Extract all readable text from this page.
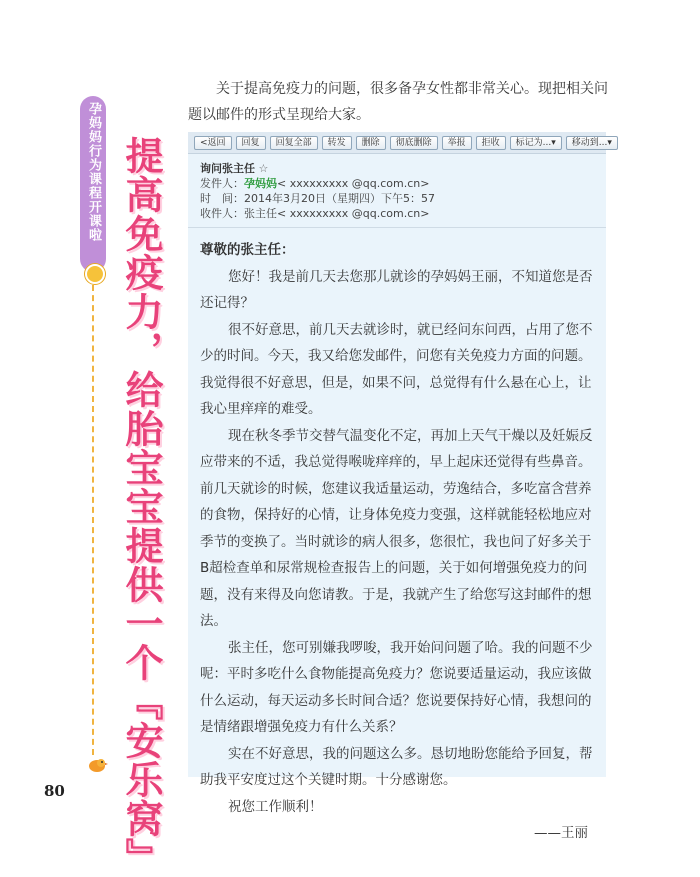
孕妈妈行为课程开课啦 提高免疫力，给胎宝宝提供一个『安乐窝』
80
关于提高免疫力的问题，很多备孕女性都非常关心。现把相关问题以邮件的形式呈现给大家。
<返回	回复	回复全部	转发	删除	彻底删除	举报	拒收	标记为...▾	移动到...▾
询问张主任 ☆
发件人：孕妈妈< xxxxxxxxx @qq.com.cn>
时　间：2014年3月20日（星期四）下午5：57
收件人：张主任< xxxxxxxxx @qq.com.cn>
尊敬的张主任：

您好！我是前几天去您那儿就诊的孕妈妈王丽，不知道您是否还记得？

很不好意思，前几天去就诊时，就已经问东问西，占用了您不少的时间。今天，我又给您发邮件，问您有关免疫力方面的问题。我觉得很不好意思，但是，如果不问，总觉得有什么悬在心上，让我心里痒痒的难受。

现在秋冬季节交替气温变化不定，再加上天气干燥以及妊娠反应带来的不适，我总觉得喉咙痒痒的，早上起床还觉得有些鼻音。前几天就诊的时候，您建议我适量运动，劳逸结合，多吃富含营养的食物，保持好的心情，让身体免疫力变强，这样就能轻松地应对季节的变换了。当时就诊的病人很多，您很忙，我也问了好多关于B超检查单和尿常规检查报告上的问题，关于如何增强免疫力的问题，没有来得及向您请教。于是，我就产生了给您写这封邮件的想法。

张主任，您可别嫌我啰唆，我开始问问题了哈。我的问题不少呢：平时多吃什么食物能提高免疫力？您说要适量运动，我应该做什么运动，每天运动多长时间合适？您说要保持好心情，我想问的是情绪跟增强免疫力有什么关系？

实在不好意思，我的问题这么多。恳切地盼您能给予回复，帮助我平安度过这个关键时期。十分感谢您。

祝您工作顺利！

——王丽
